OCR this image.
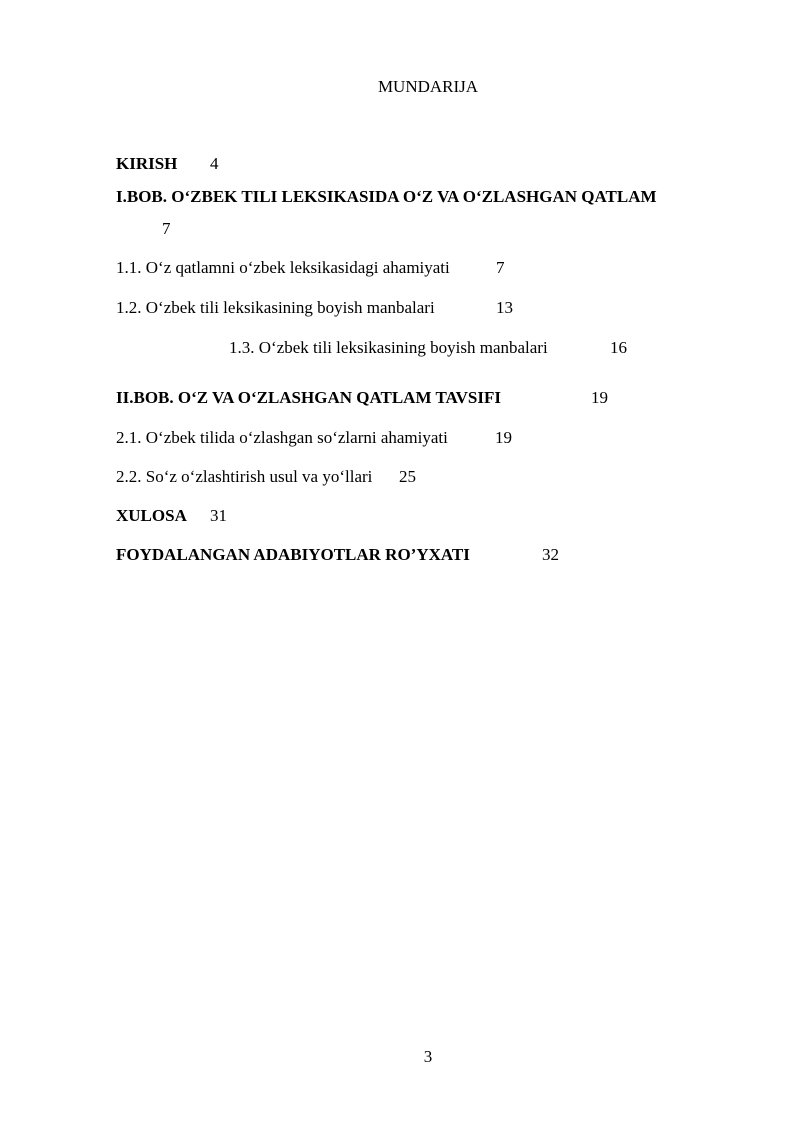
MUNDARIJA
KIRISH 4
I.BOB. O‘ZBEK TILI LEKSIKASIDA O‘Z VA O‘ZLASHGAN QATLAM
7
1.1. O‘z qatlamni o‘zbek leksikasidagi ahamiyati	7
1.2. O‘zbek tili leksikasining boyish manbalari	13
1.3. O‘zbek tili leksikasining boyish manbalari	16
II.BOB. O‘Z VA O‘ZLASHGAN QATLAM TAVSIFI	19
2.1. O‘zbek tilida o‘zlashgan so‘zlarni ahamiyati	19
2.2. So‘z o‘zlashtirish usul va yo‘llari 25
XULOSA 31
FOYDALANGAN ADABIYOTLAR RO’YXATI	32
3
